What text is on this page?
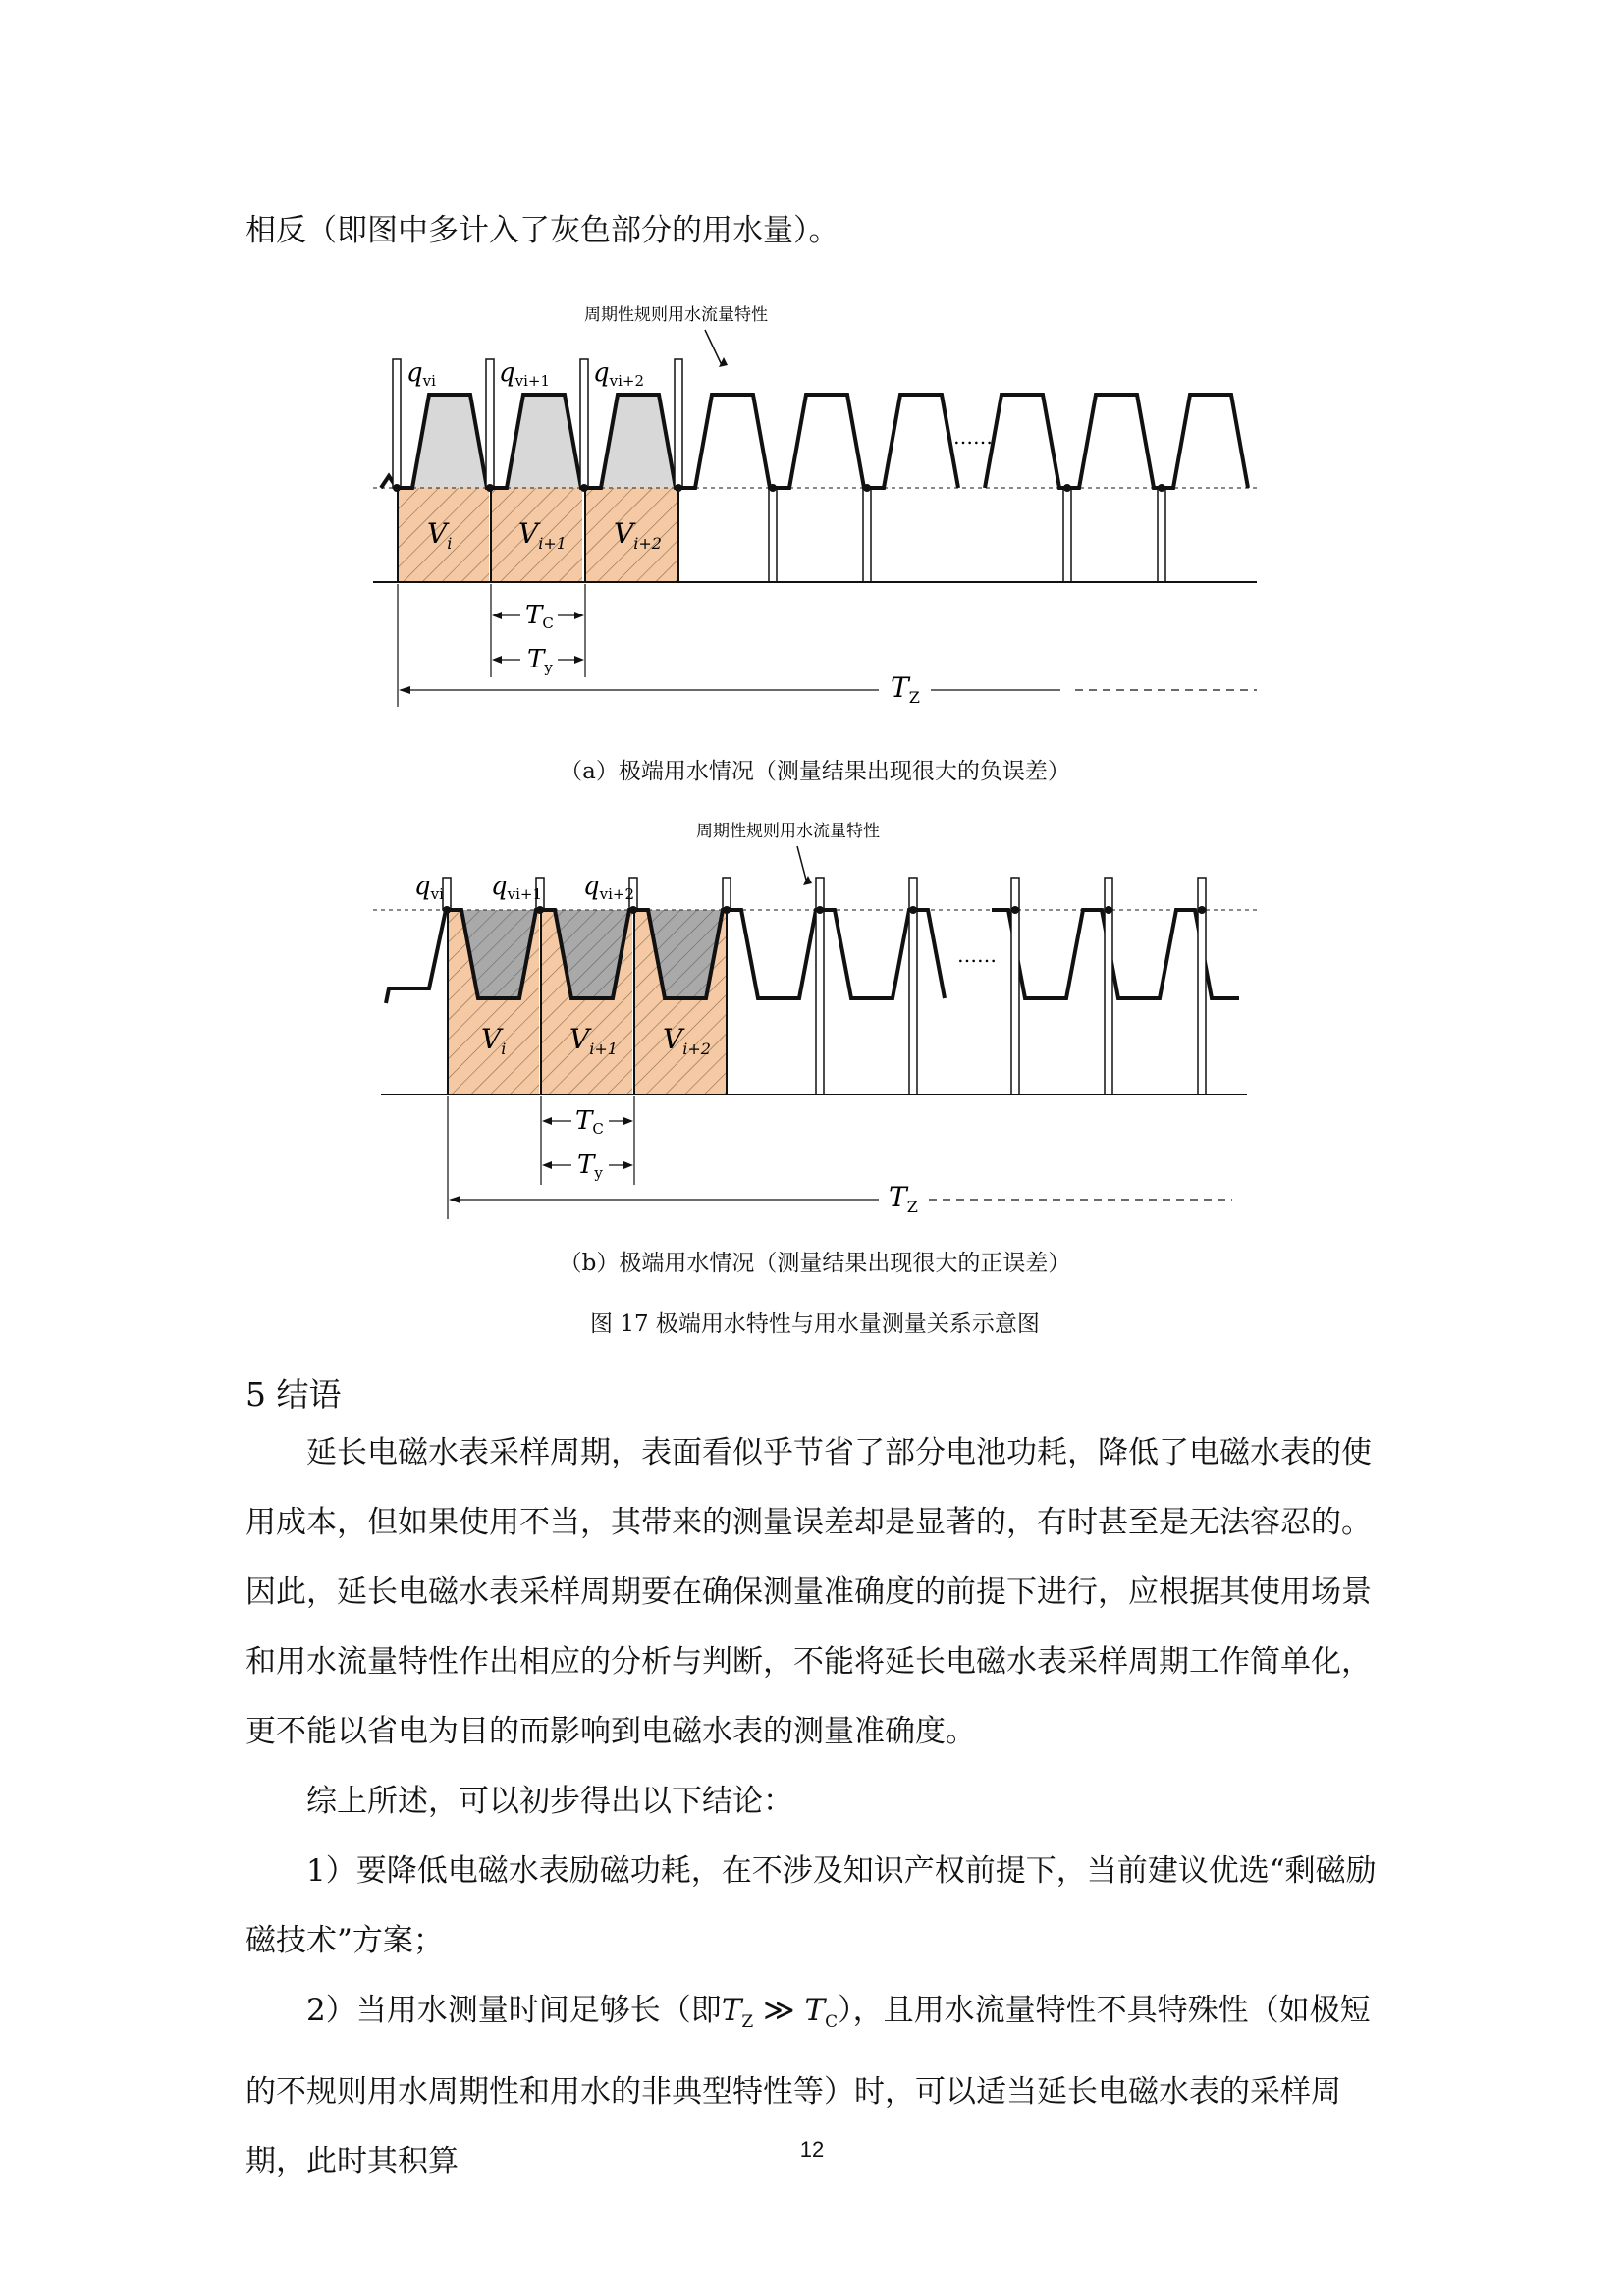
相反（即图中多计入了灰色部分的用水量）。

周期性规则用水流量特性
……
qvi qvi+1 qvi+2
$V_i$ $V_{i+1}$ $V_{i+2}$
TC
Ty
$T_Z$

（a）极端用水情况（测量结果出现很大的负误差）

周期性规则用水流量特性
……
qvi qvi+1 qvi+2
$V_i$ $V_{i+1}$ $V_{i+2}$
TC
Ty
$T_Z$

（b）极端用水情况（测量结果出现很大的正误差）

图 17 极端用水特性与用水量测量关系示意图

5 结语

延长电磁水表采样周期，表面看似乎节省了部分电池功耗，降低了电磁水表的使用成本，但如果使用不当，其带来的测量误差却是显著的，有时甚至是无法容忍的。因此，延长电磁水表采样周期要在确保测量准确度的前提下进行，应根据其使用场景和用水流量特性作出相应的分析与判断，不能将延长电磁水表采样周期工作简单化，更不能以省电为目的而影响到电磁水表的测量准确度。

综上所述，可以初步得出以下结论：

1）要降低电磁水表励磁功耗，在不涉及知识产权前提下，当前建议优选“剩磁励磁技术”方案；

2）当用水测量时间足够长（即$T_Z$ ≫ $T_C$），且用水流量特性不具特殊性（如极短的不规则用水周期性和用水的非典型特性等）时，可以适当延长电磁水表的采样周期，此时其积算	12
